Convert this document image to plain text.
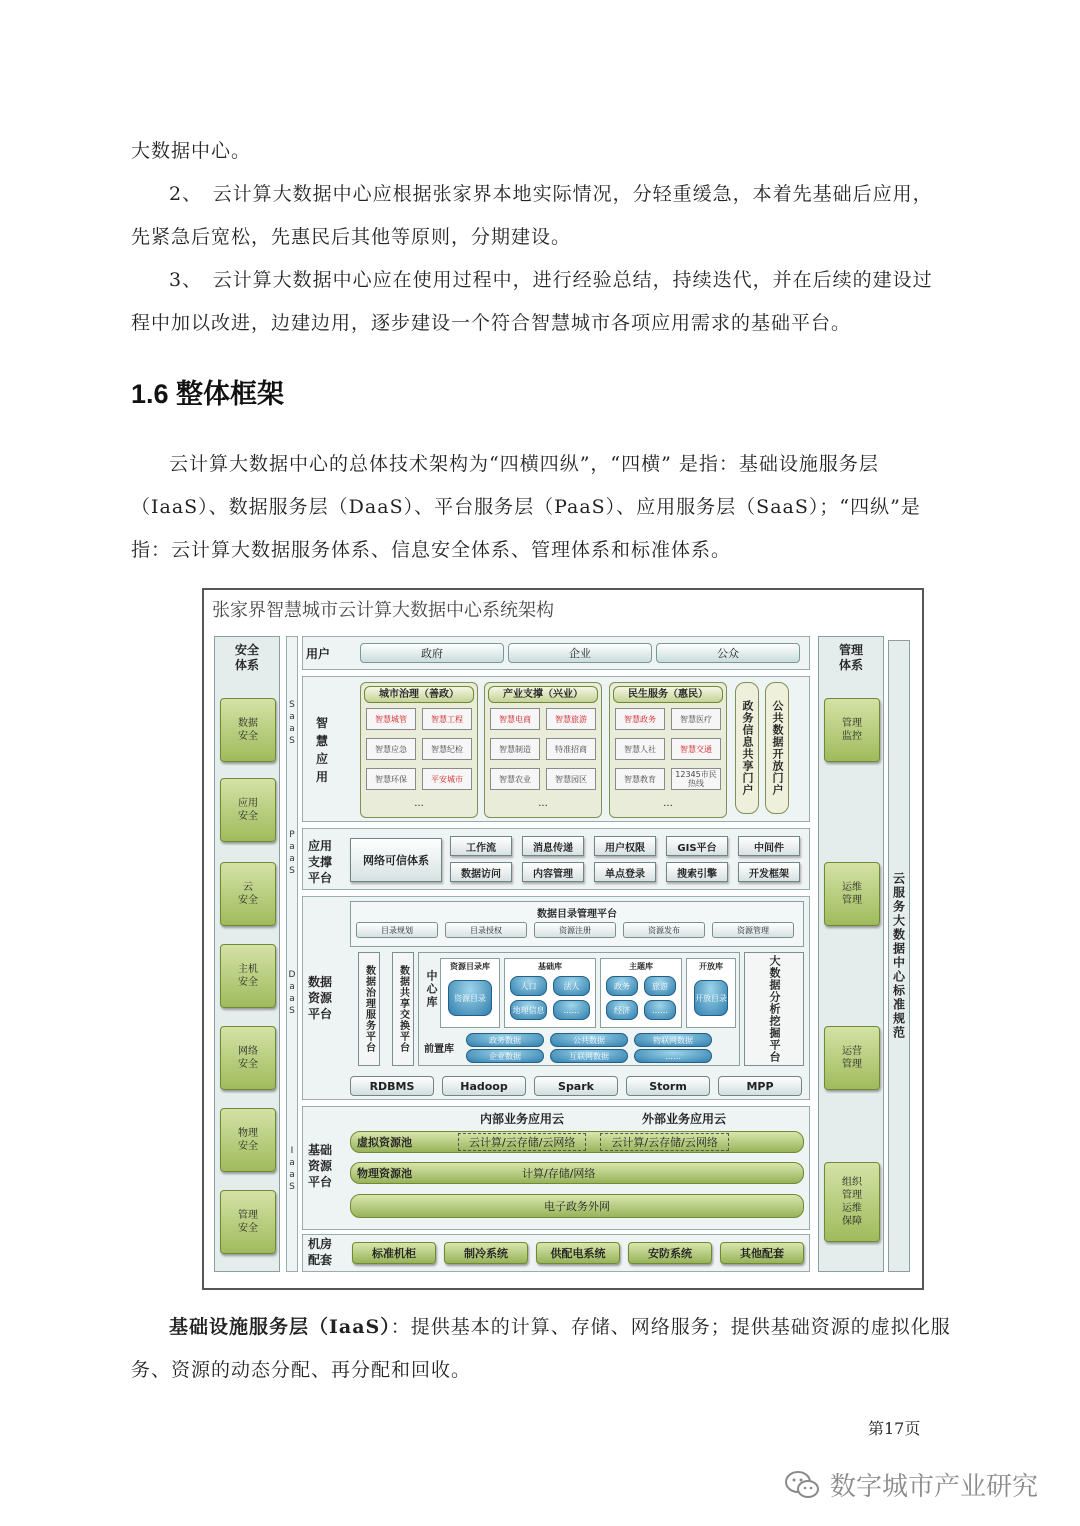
大数据中心。

2、　云计算大数据中心应根据张家界本地实际情况，分轻重缓急，本着先基础后应用，先紧急后宽松，先惠民后其他等原则，分期建设。

3、　云计算大数据中心应在使用过程中，进行经验总结，持续迭代，并在后续的建设过程中加以改进，边建边用，逐步建设一个符合智慧城市各项应用需求的基础平台。

1.6 整体框架

云计算大数据中心的总体技术架构为“四横四纵”，“四横” 是指：基础设施服务层（IaaS）、数据服务层（DaaS）、平台服务层（PaaS）、应用服务层（SaaS）；“四纵”是指：云计算大数据服务体系、信息安全体系、管理体系和标准体系。

张家界智慧城市云计算大数据中心系统架构
安全
体系
管理
体系
云服务大数据中心标准规范
用户	政府	企业	公众
SaaS 智
慧
应
用	政务信息共享门户	公共数据开放门户
PaaS 应用
支撑
平台
网络可信体系
DaaS 数据
资源
平台
数据目录管理平台
数据治理服务平台	数据共享交换平台	中心库
前置库	大数据分析挖掘平台
IaaS 基础
资源
平台
内部业务应用云	外部业务应用云
虚拟资源池	云计算/云存储/云网络	云计算/云存储/云网络
物理资源池	计算/存储/网络
电子政务外网
机房
配套
数据
安全
应用
安全
云
安全
主机
安全
网络
安全
物理
安全
管理
安全
管理
监控
运维
管理
运营
管理
组织
管理
运维
保障
城市治理（善政）
智慧城管	智慧工程
智慧应急	智慧纪检
智慧环保	平安城市
...
产业支撑（兴业）
智慧电商	智慧旅游
智慧制造	特准招商
智慧农业	智慧园区
...
民生服务（惠民）
智慧政务	智慧医疗
智慧人社	智慧交通
智慧教育	12345市民热线
...
工作流	消息传递	用户权限	GIS平台	中间件
数据访问	内容管理	单点登录	搜索引擎	开发框架
目录规划	目录授权	资源注册	资源发布	资源管理
资源目录库
资源目录
基础库
人口	法人
地理信息	……
主题库
政务	旅游
经济	……
开放库
开放目录
政务数据	公共数据	物联网数据
企业数据	互联网数据	……
RDBMS	Hadoop	Spark	Storm	MPP
标准机柜	制冷系统	供配电系统	安防系统	其他配套

基础设施服务层（IaaS）：提供基本的计算、存储、网络服务；提供基础资源的虚拟化服务、资源的动态分配、再分配和回收。

第17页
数字城市产业研究
